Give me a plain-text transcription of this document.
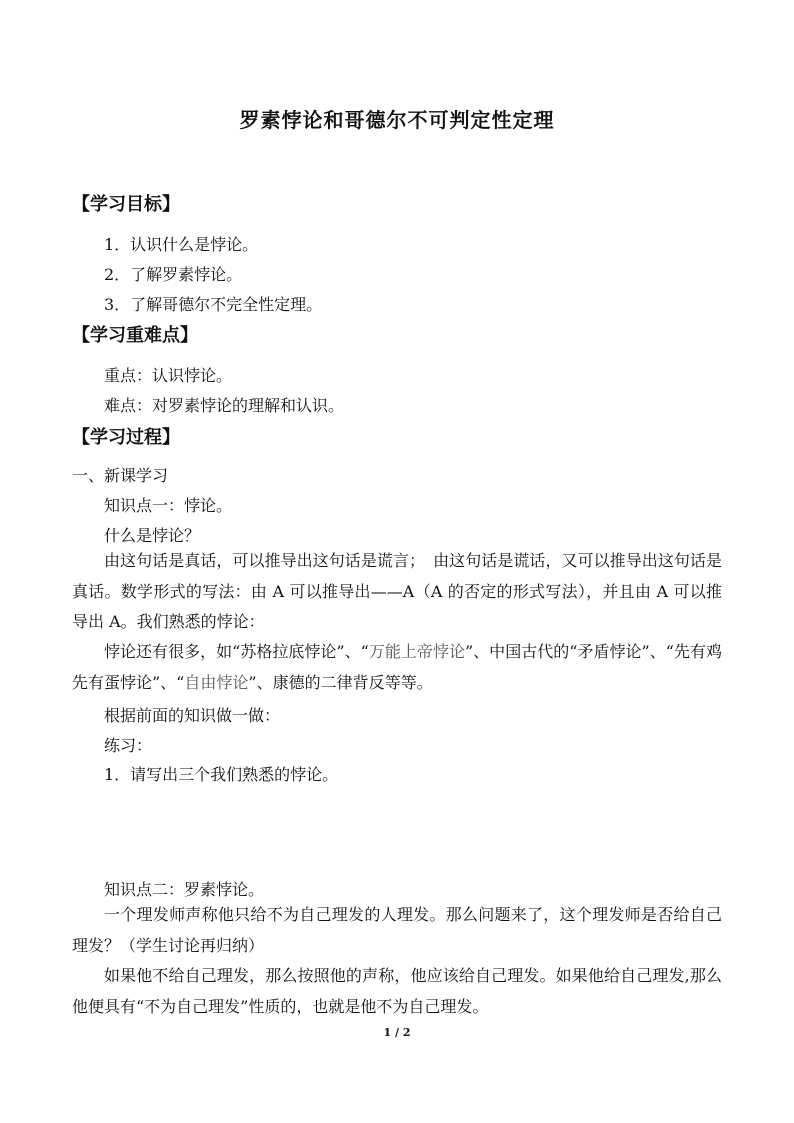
罗素悖论和哥德尔不可判定性定理
【学习目标】
1．认识什么是悖论。
2．了解罗素悖论。
3．了解哥德尔不完全性定理。
【学习重难点】
重点：认识悖论。
难点：对罗素悖论的理解和认识。
【学习过程】
一、新课学习
知识点一：悖论。
什么是悖论？

由这句话是真话，可以推导出这句话是谎言；　由这句话是谎话，又可以推导出这句话是真话。数学形式的写法：由 A 可以推导出——A（A 的否定的形式写法），并且由 A 可以推导出 A。我们熟悉的悖论：

悖论还有很多，如“苏格拉底悖论”、“万能上帝悖论”、中国古代的“矛盾悖论”、“先有鸡先有蛋悖论”、“自由悖论”、康德的二律背反等等。

根据前面的知识做一做：
练习：
1．请写出三个我们熟悉的悖论。
知识点二：罗素悖论。

一个理发师声称他只给不为自己理发的人理发。那么问题来了，这个理发师是否给自己理发？（学生讨论再归纳）

如果他不给自己理发，那么按照他的声称，他应该给自己理发。如果他给自己理发,那么他便具有“不为自己理发”性质的，也就是他不为自己理发。

1 / 2
